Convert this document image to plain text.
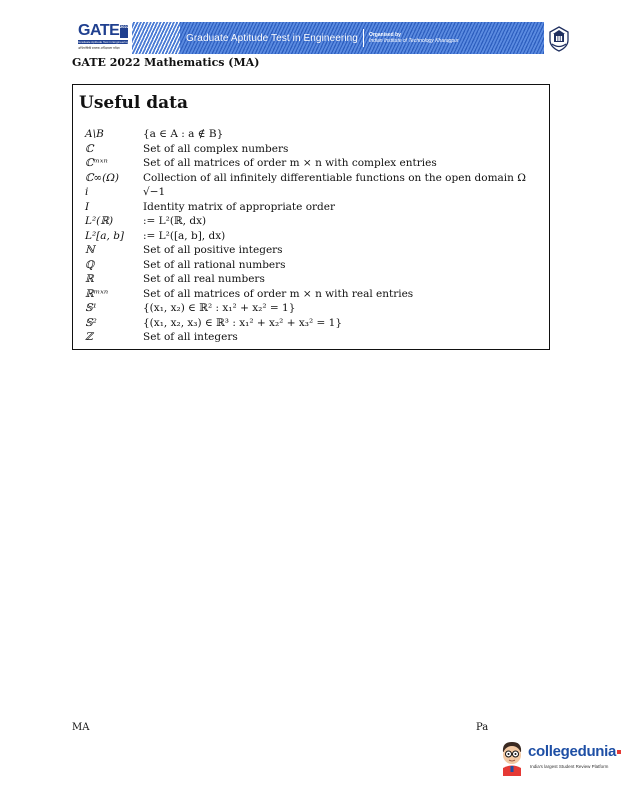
GATE 2022
Graduate Aptitude Test in Engineering
अभियांत्रिकी स्नातक अभिक्षमता परीक्षा
Graduate Aptitude Test in Engineering Organised by
Indian Institute of Technology Kharagpur
GATE 2022 Mathematics (MA)
Useful data
A\B	{a ∈ A : a ∉ B}
ℂ	Set of all complex numbers
ℂᵐˣⁿ	Set of all matrices of order m × n with complex entries
ℂ∞(Ω)	Collection of all infinitely differentiable functions on the open domain Ω
i	√−1
I	Identity matrix of appropriate order
L²(ℝ)	:= L²(ℝ, dx)
L²[a, b]	:= L²([a, b], dx)
ℕ	Set of all positive integers
ℚ	Set of all rational numbers
ℝ	Set of all real numbers
ℝᵐˣⁿ	Set of all matrices of order m × n with real entries
𝕊¹	{(x₁, x₂) ∈ ℝ² : x₁² + x₂² = 1}
𝕊²	{(x₁, x₂, x₃) ∈ ℝ³ : x₁² + x₂² + x₃² = 1}
ℤ	Set of all integers
MA	Pa
collegedunia
India's largest Student Review Platform
